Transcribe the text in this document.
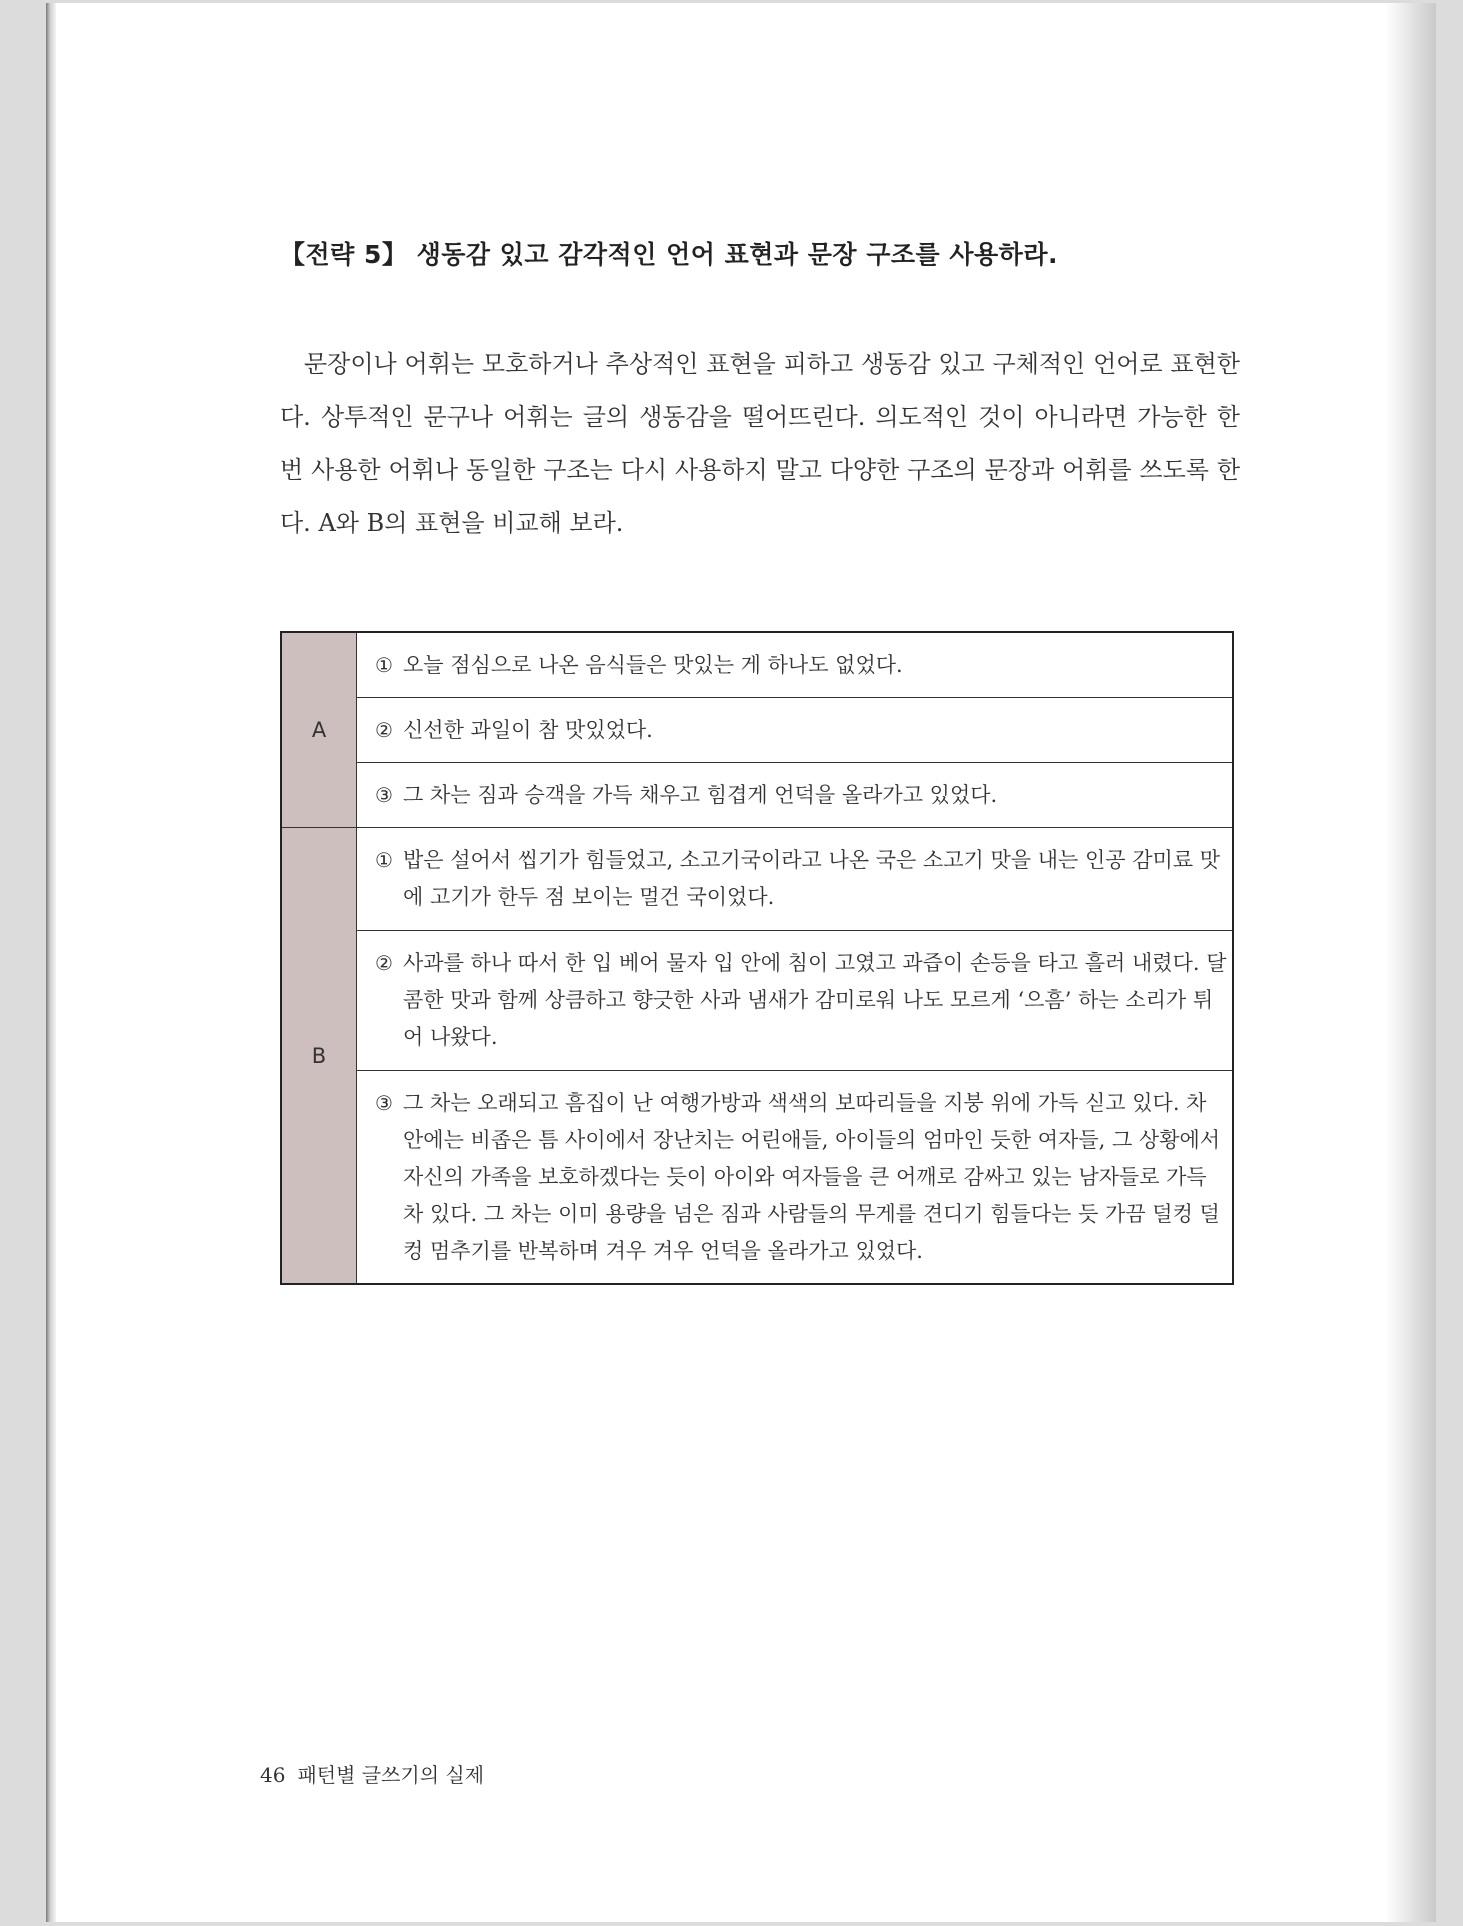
【전략 5】 생동감 있고 감각적인 언어 표현과 문장 구조를 사용하라.

문장이나 어휘는 모호하거나 추상적인 표현을 피하고 생동감 있고 구체적인 언어로 표현한다. 상투적인 문구나 어휘는 글의 생동감을 떨어뜨린다. 의도적인 것이 아니라면 가능한 한 번 사용한 어휘나 동일한 구조는 다시 사용하지 말고 다양한 구조의 문장과 어휘를 쓰도록 한다. A와 B의 표현을 비교해 보라.

A	① 오늘 점심으로 나온 음식들은 맛있는 게 하나도 없었다.

	② 신선한 과일이 참 맛있었다.

	③ 그 차는 짐과 승객을 가득 채우고 힘겹게 언덕을 올라가고 있었다.

B	① 밥은 설어서 씹기가 힘들었고, 소고기국이라고 나온 국은 소고기 맛을 내는 인공 감미료 맛에 고기가 한두 점 보이는 멀건 국이었다.

	② 사과를 하나 따서 한 입 베어 물자 입 안에 침이 고였고 과즙이 손등을 타고 흘러 내렸다. 달콤한 맛과 함께 상큼하고 향긋한 사과 냄새가 감미로워 나도 모르게 ‘으흠’ 하는 소리가 튀어 나왔다.

	③ 그 차는 오래되고 흠집이 난 여행가방과 색색의 보따리들을 지붕 위에 가득 싣고 있다. 차 안에는 비좁은 틈 사이에서 장난치는 어린애들, 아이들의 엄마인 듯한 여자들, 그 상황에서 자신의 가족을 보호하겠다는 듯이 아이와 여자들을 큰 어깨로 감싸고 있는 남자들로 가득 차 있다. 그 차는 이미 용량을 넘은 짐과 사람들의 무게를 견디기 힘들다는 듯 가끔 덜컹 덜컹 멈추기를 반복하며 겨우 겨우 언덕을 올라가고 있었다.
46 패턴별 글쓰기의 실제
